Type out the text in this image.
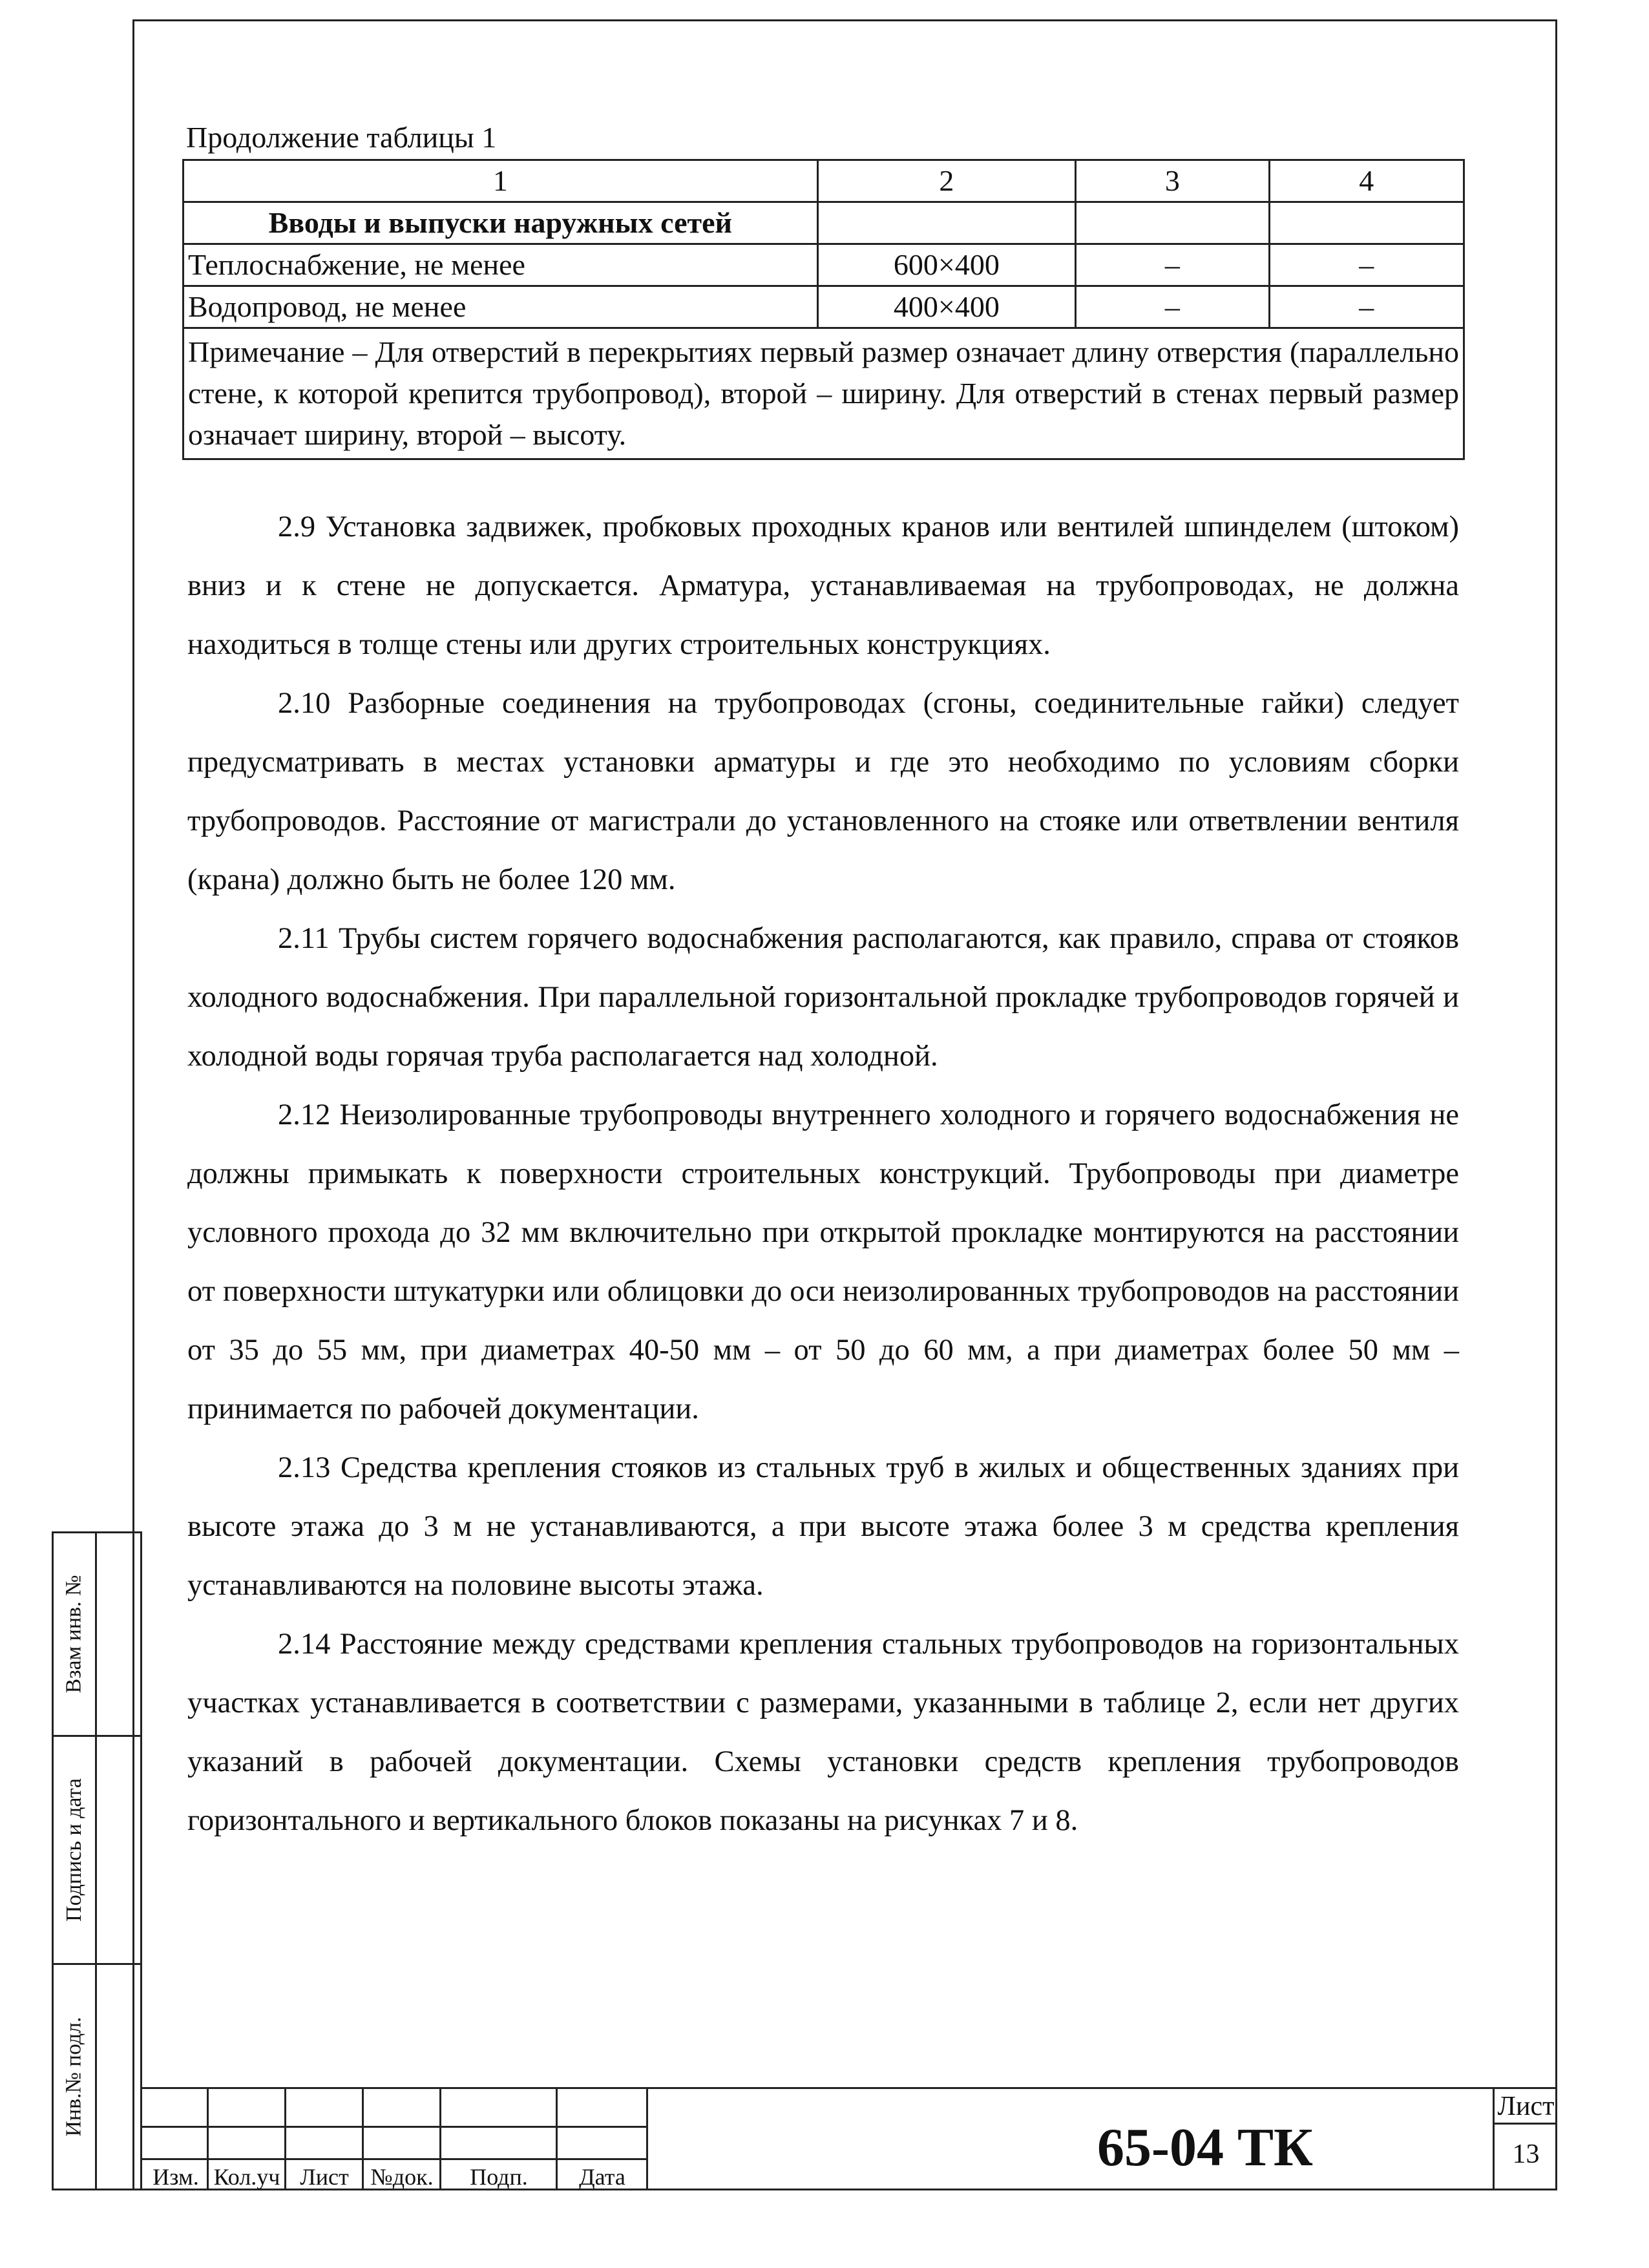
Взам инв. №
Подпись и дата
Инв.№ подл.
Продолжение таблицы 1
1	2	3	4
Вводы и выпуски наружных сетей			
Теплоснабжение, не менее	600×400	–	–
Водопровод, не менее	400×400	–	–
Примечание – Для отверстий в перекрытиях первый размер означает длину отверстия (параллельно стене, к которой крепится трубопровод), второй – ширину. Для отверстий в стенах первый размер означает ширину, второй – высоту.			

2.9 Установка задвижек, пробковых проходных кранов или вентилей шпинделем (штоком) вниз и к стене не допускается. Арматура, устанавливаемая на трубопроводах, не должна находиться в толще стены или других строительных конструкциях.

2.10 Разборные соединения на трубопроводах (сгоны, соединительные гайки) следует предусматривать в местах установки арматуры и где это необходимо по условиям сборки трубопроводов. Расстояние от магистрали до установленного на стояке или ответвлении вентиля (крана) должно быть не более 120 мм.

2.11 Трубы систем горячего водоснабжения располагаются, как правило, справа от стояков холодного водоснабжения. При параллельной горизонтальной прокладке трубопроводов горячей и холодной воды горячая труба располагается над холодной.

2.12 Неизолированные трубопроводы внутреннего холодного и горячего водоснабжения не должны примыкать к поверхности строительных конструкций. Трубопроводы при диаметре условного прохода до 32 мм включительно при открытой прокладке монтируются на расстоянии от поверхности штукатурки или облицовки до оси неизолированных трубопроводов на расстоянии от 35 до 55 мм, при диаметрах 40-50 мм – от 50 до 60 мм, а при диаметрах более 50 мм – принимается по рабочей документации.

2.13 Средства крепления стояков из стальных труб в жилых и общественных зданиях при высоте этажа до 3 м не устанавливаются, а при высоте этажа более 3 м средства крепления устанавливаются на половине высоты этажа.

2.14 Расстояние между средствами крепления стальных трубопроводов на горизонтальных участках устанавливается в соответствии с размерами, указанными в таблице 2, если нет других указаний в рабочей документации. Схемы установки средств крепления трубопроводов горизонтального и вертикального блоков показаны на рисунках 7 и 8.

Изм. Кол.уч Лист №док.	Подп.	Дата	65-04 ТК
Лист
13
